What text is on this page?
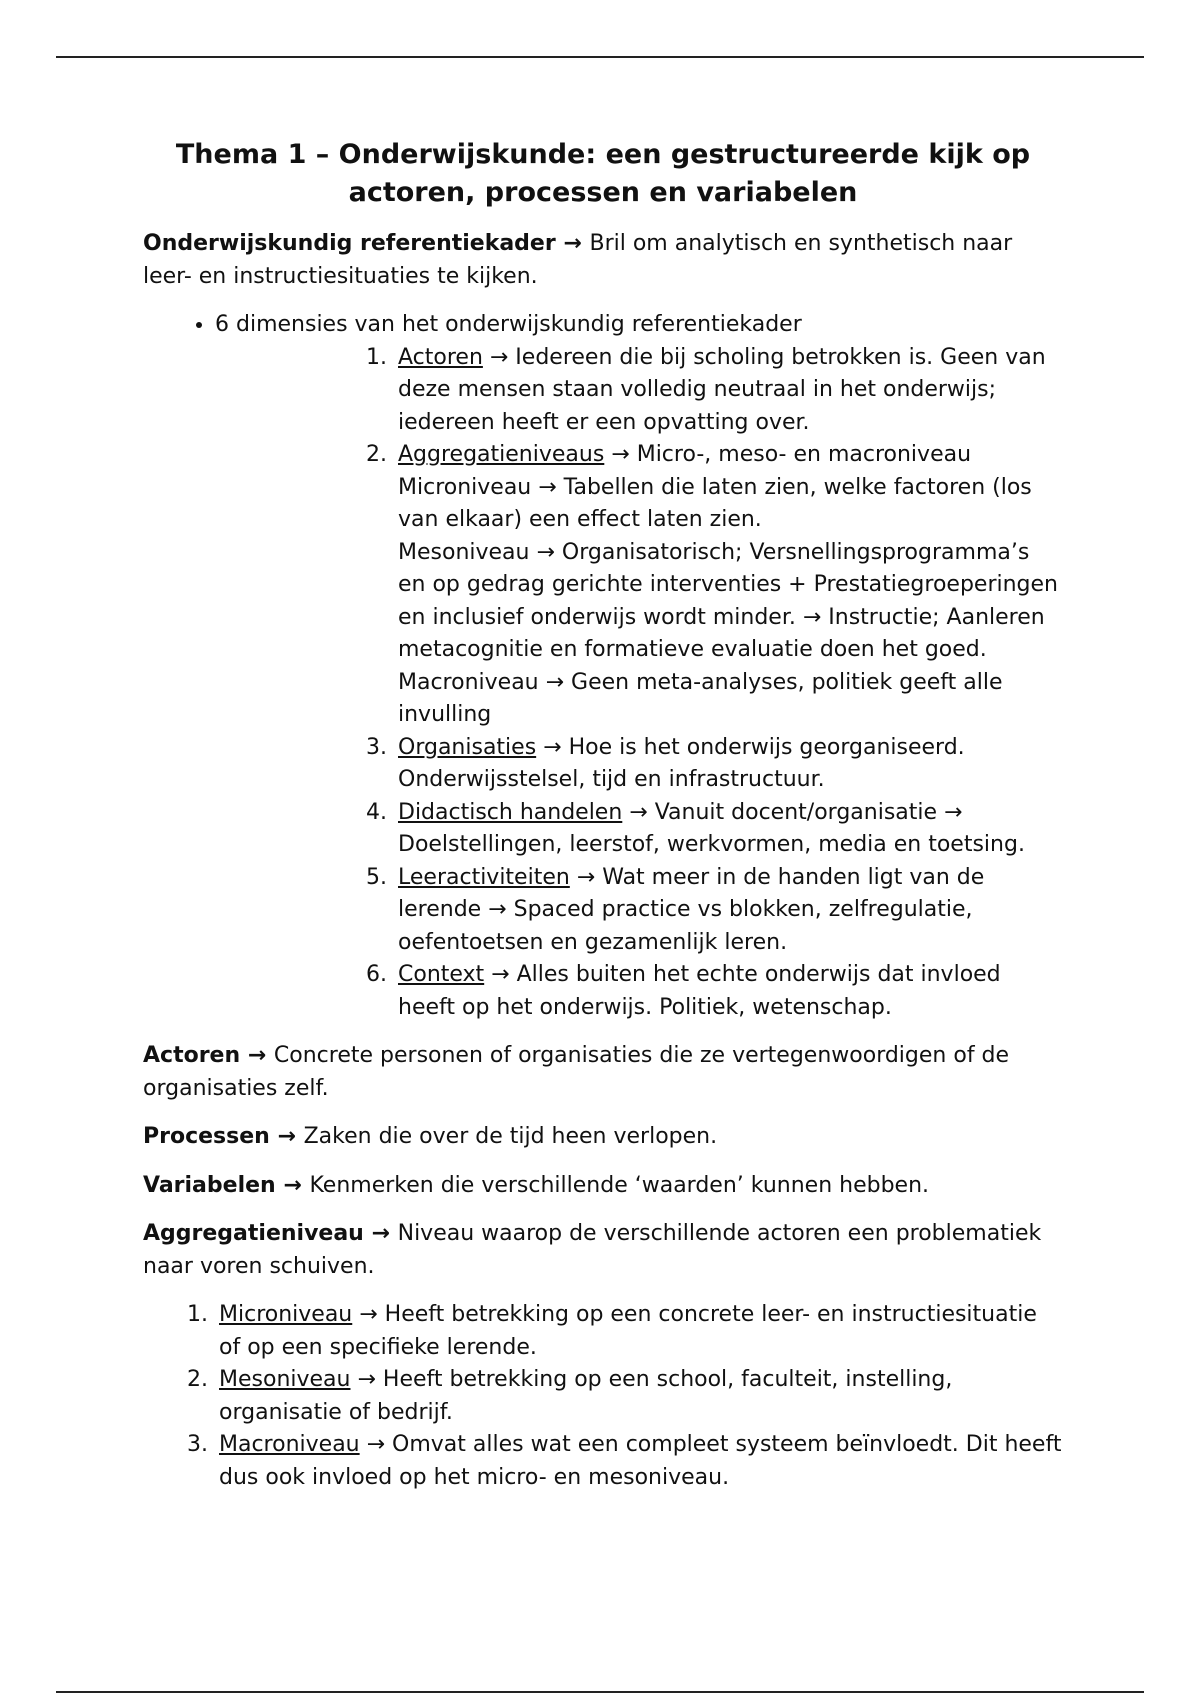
Thema 1 – Onderwijskunde: een gestructureerde kijk op actoren, processen en variabelen

Onderwijskundig referentiekader → Bril om analytisch en synthetisch naar leer- en instructiesituaties te kijken.

• 6 dimensies van het onderwijskundig referentiekader
1. Actoren → Iedereen die bij scholing betrokken is. Geen van deze mensen staan volledig neutraal in het onderwijs; iedereen heeft er een opvatting over.
2. Aggregatieniveaus → Micro-, meso- en macroniveau
Microniveau → Tabellen die laten zien, welke factoren (los van elkaar) een effect laten zien.
Mesoniveau → Organisatorisch; Versnellingsprogramma’s en op gedrag gerichte interventies + Prestatiegroeperingen en inclusief onderwijs wordt minder. → Instructie; Aanleren metacognitie en formatieve evaluatie doen het goed.
Macroniveau → Geen meta-analyses, politiek geeft alle invulling
3. Organisaties → Hoe is het onderwijs georganiseerd.
Onderwijsstelsel, tijd en infrastructuur.
4. Didactisch handelen → Vanuit docent/organisatie → Doelstellingen, leerstof, werkvormen, media en toetsing.
5. Leeractiviteiten → Wat meer in de handen ligt van de lerende → Spaced practice vs blokken, zelfregulatie, oefentoetsen en gezamenlijk leren.
6. Context → Alles buiten het echte onderwijs dat invloed heeft op het onderwijs. Politiek, wetenschap.

Actoren → Concrete personen of organisaties die ze vertegenwoordigen of de organisaties zelf.

Processen → Zaken die over de tijd heen verlopen.

Variabelen → Kenmerken die verschillende ‘waarden’ kunnen hebben.

Aggregatieniveau → Niveau waarop de verschillende actoren een problematiek naar voren schuiven.

1. Microniveau → Heeft betrekking op een concrete leer- en instructiesituatie of op een specifieke lerende.
2. Mesoniveau → Heeft betrekking op een school, faculteit, instelling, organisatie of bedrijf.
3. Macroniveau → Omvat alles wat een compleet systeem beïnvloedt. Dit heeft dus ook invloed op het micro- en mesoniveau.
